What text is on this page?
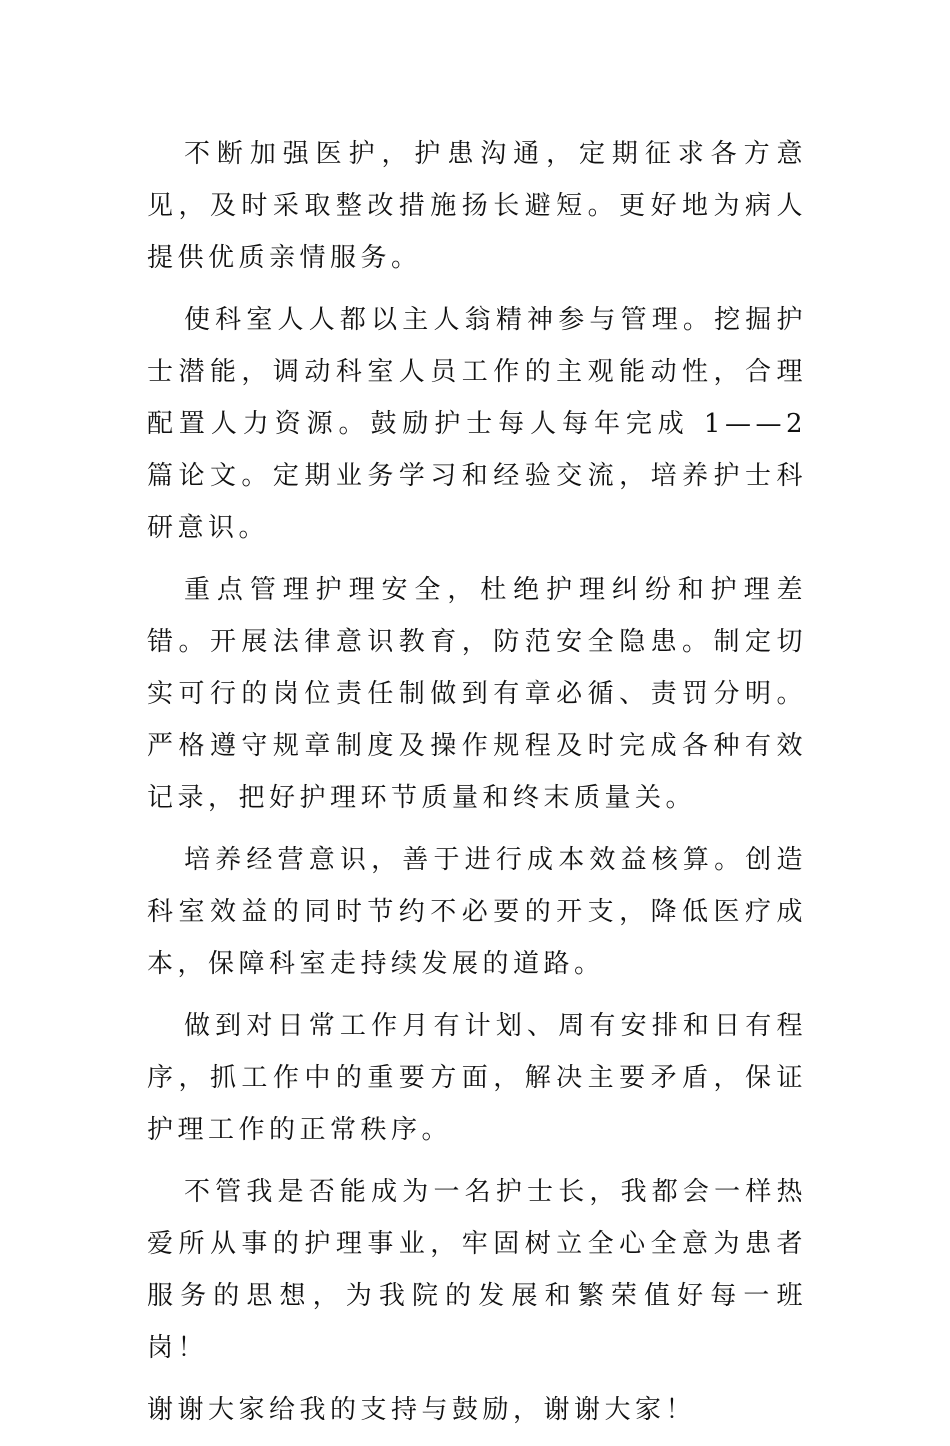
不断加强医护，护患沟通，定期征求各方意见，及时采取整改措施扬长避短。更好地为病人提供优质亲情服务。

使科室人人都以主人翁精神参与管理。挖掘护士潜能，调动科室人员工作的主观能动性，合理配置人力资源。鼓励护士每人每年完成 1——2 篇论文。定期业务学习和经验交流，培养护士科研意识。

重点管理护理安全，杜绝护理纠纷和护理差错。开展法律意识教育，防范安全隐患。制定切实可行的岗位责任制做到有章必循、责罚分明。严格遵守规章制度及操作规程及时完成各种有效记录，把好护理环节质量和终末质量关。

培养经营意识，善于进行成本效益核算。创造科室效益的同时节约不必要的开支，降低医疗成本，保障科室走持续发展的道路。

做到对日常工作月有计划、周有安排和日有程序，抓工作中的重要方面，解决主要矛盾，保证护理工作的正常秩序。

不管我是否能成为一名护士长，我都会一样热爱所从事的护理事业，牢固树立全心全意为患者服务的思想，为我院的发展和繁荣值好每一班岗！

谢谢大家给我的支持与鼓励，谢谢大家！
